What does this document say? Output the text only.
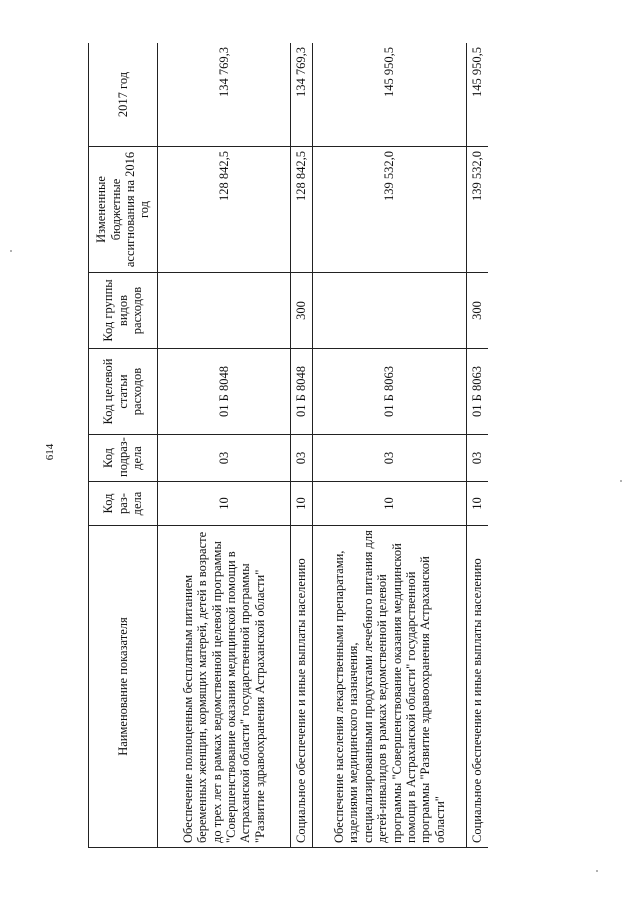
614
Наименование показателя	Код раз-дела	Код подраз-дела	Код целевой статьи расходов	Код группы видов расходов	Измененные бюджетные ассигнования на 2016 год	2017 год
Обеспечение полноценным бесплатным питанием беременных женщин, кормящих матерей, детей в возрасте до трех лет в рамках ведомственной целевой программы "Совершенствование оказания медицинской помощи в Астраханской области" государственной программы "Развитие здравоохранения Астраханской области"	10	03	01 Б 8048		128 842,5	134 769,3
Социальное обеспечение и иные выплаты населению	10	03	01 Б 8048	300	128 842,5	134 769,3
Обеспечение населения лекарственными препаратами, изделиями медицинского назначения, специализированными продуктами лечебного питания для детей-инвалидов в рамках ведомственной целевой программы "Совершенствование оказания медицинской помощи в Астраханской области" государственной программы "Развитие здравоохранения Астраханской области"	10	03	01 Б 8063		139 532,0	145 950,5
Социальное обеспечение и иные выплаты населению	10	03	01 Б 8063	300	139 532,0	145 950,5
